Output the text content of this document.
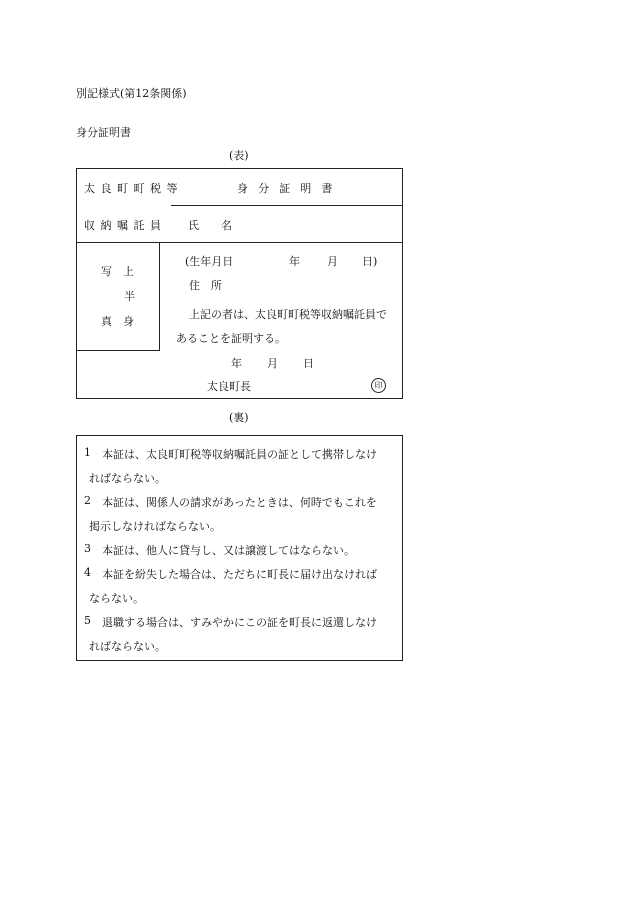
別記様式(第12条関係)
身分証明書
(表)
写　上
半
真　身
太良町町税等	身 分 証 明 書
収納嘱託員 氏　　名
(生年月日	年 月 日)
住　所
上記の者は、太良町町税等収納嘱託員で
あることを証明する。
年 月 日
太良町長	印
(裏)
1 本証は、太良町町税等収納嘱託員の証として携帯しなけ
ればならない。
2 本証は、関係人の請求があったときは、何時でもこれを
掲示しなければならない。
3 本証は、他人に貸与し、又は譲渡してはならない。
4 本証を紛失した場合は、ただちに町長に届け出なければ
ならない。
5 退職する場合は、すみやかにこの証を町長に返還しなけ
ればならない。
